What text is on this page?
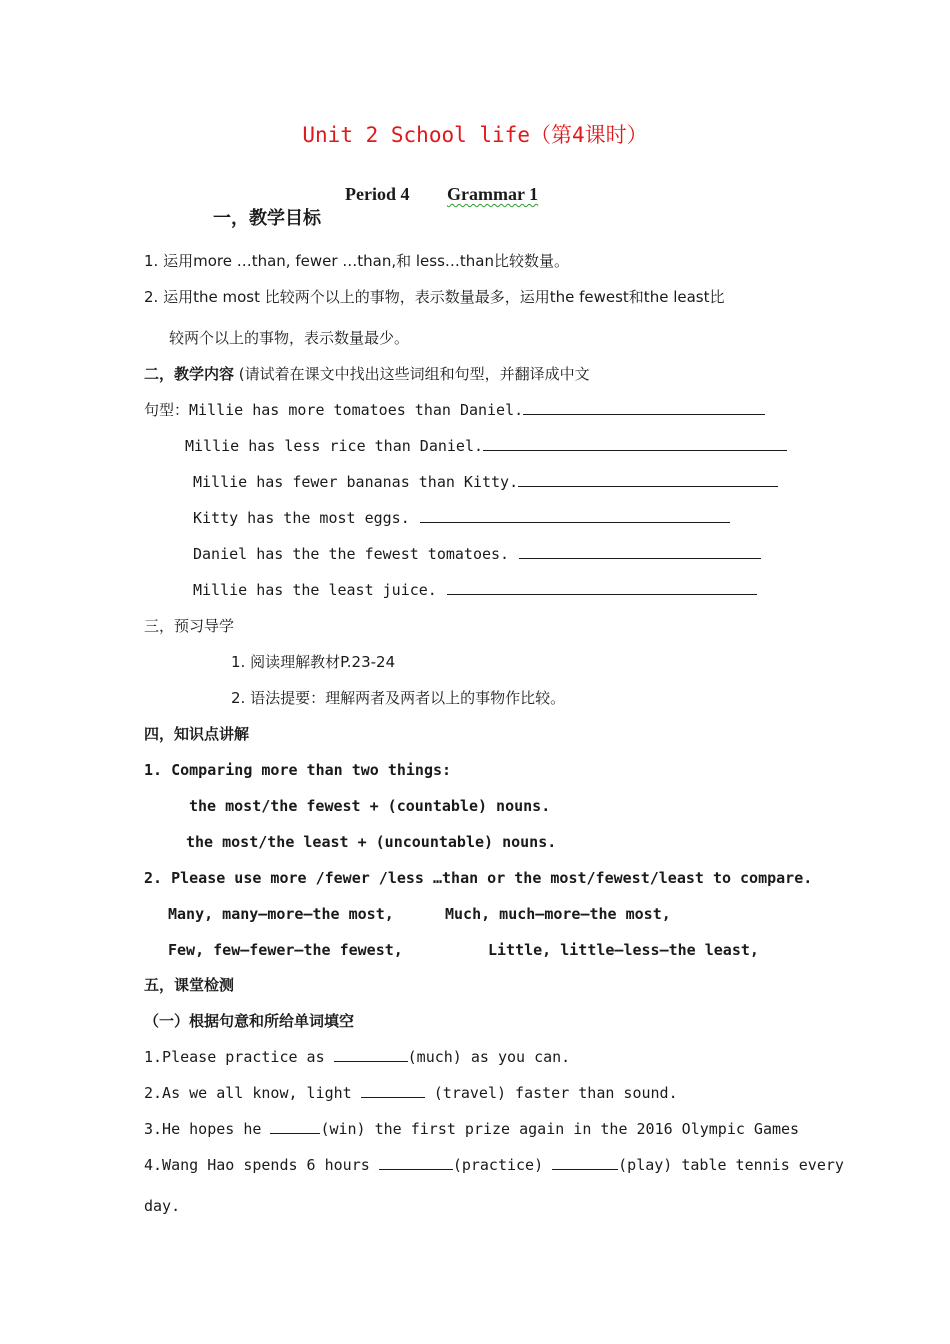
Unit 2 School life（第4课时）
Period 4 Grammar 1
一，教学目标
1. 运用more …than, fewer …than,和 less…than比较数量。
2. 运用the most 比较两个以上的事物，表示数量最多，运用the fewest和the least比
较两个以上的事物，表示数量最少。
二，教学内容 (请试着在课文中找出这些词组和句型，并翻译成中文
句型：Millie has more tomatoes than Daniel.
Millie has less rice than Daniel.
Millie has fewer bananas than Kitty.
Kitty has the most eggs.
Daniel has the the fewest tomatoes.
Millie has the least juice.
三，预习导学
1. 阅读理解教材P.23-24
2. 语法提要：理解两者及两者以上的事物作比较。
四，知识点讲解
1. Comparing more than two things:
the most/the fewest + (countable) nouns.
the most/the least + (uncountable) nouns.
2. Please use more /fewer /less …than or the most/fewest/least to compare.
Many, many—more—the most,	Much, much—more—the most,
Few, few—fewer—the fewest,	Little, little—less—the least,
五，课堂检测
（一）根据句意和所给单词填空
1.Please practice as	(much) as you can.
2.As we all know, light	(travel) faster than sound.
3.He hopes he	(win) the first prize again in the 2016 Olympic Games
4.Wang Hao spends 6 hours	(practice)	(play) table tennis every
day.
